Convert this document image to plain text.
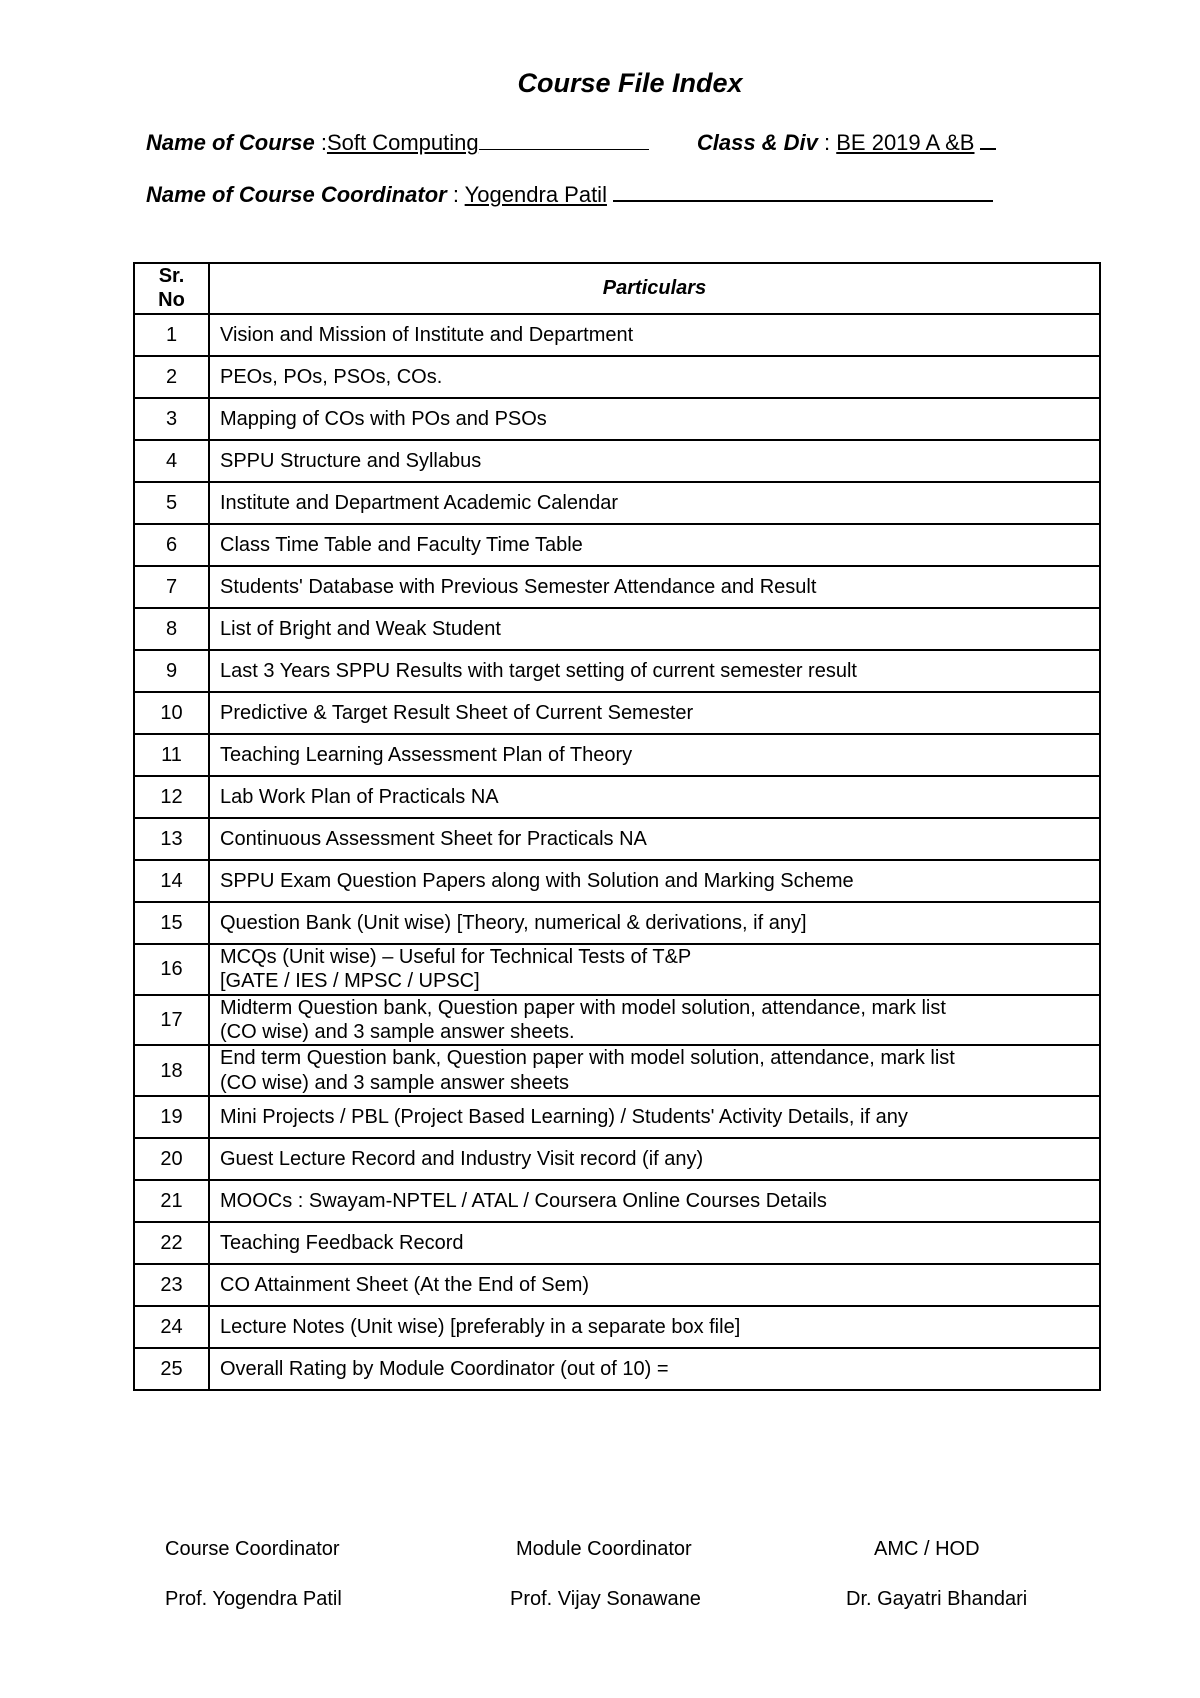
Course File Index
Name of Course :Soft Computing	Class & Div : BE 2019 A &B
Name of Course Coordinator : Yogendra Patil
Sr. No	Particulars
1	Vision and Mission of Institute and Department
2	PEOs, POs, PSOs, COs.
3	Mapping of COs with POs and PSOs
4	SPPU Structure and Syllabus
5	Institute and Department Academic Calendar
6	Class Time Table and Faculty Time Table
7	Students' Database with Previous Semester Attendance and Result
8	List of Bright and Weak Student
9	Last 3 Years SPPU Results with target setting of current semester result
10	Predictive & Target Result Sheet of Current Semester
11	Teaching Learning Assessment Plan of Theory
12	Lab Work Plan of Practicals NA
13	Continuous Assessment Sheet for Practicals NA
14	SPPU Exam Question Papers along with Solution and Marking Scheme
15	Question Bank (Unit wise) [Theory, numerical & derivations, if any]
16	MCQs (Unit wise) – Useful for Technical Tests of T&P
[GATE / IES / MPSC / UPSC]
17	Midterm Question bank, Question paper with model solution, attendance, mark list
(CO wise) and 3 sample answer sheets.
18	End term Question bank, Question paper with model solution, attendance, mark list
(CO wise) and 3 sample answer sheets
19	Mini Projects / PBL (Project Based Learning) / Students' Activity Details, if any
20	Guest Lecture Record and Industry Visit record (if any)
21	MOOCs : Swayam-NPTEL / ATAL / Coursera Online Courses Details
22	Teaching Feedback Record
23	CO Attainment Sheet (At the End of Sem)
24	Lecture Notes (Unit wise) [preferably in a separate box file]
25	Overall Rating by Module Coordinator (out of 10) =
Course Coordinator	Module Coordinator	AMC / HOD
Prof. Yogendra Patil	Prof. Vijay Sonawane	Dr. Gayatri Bhandari
